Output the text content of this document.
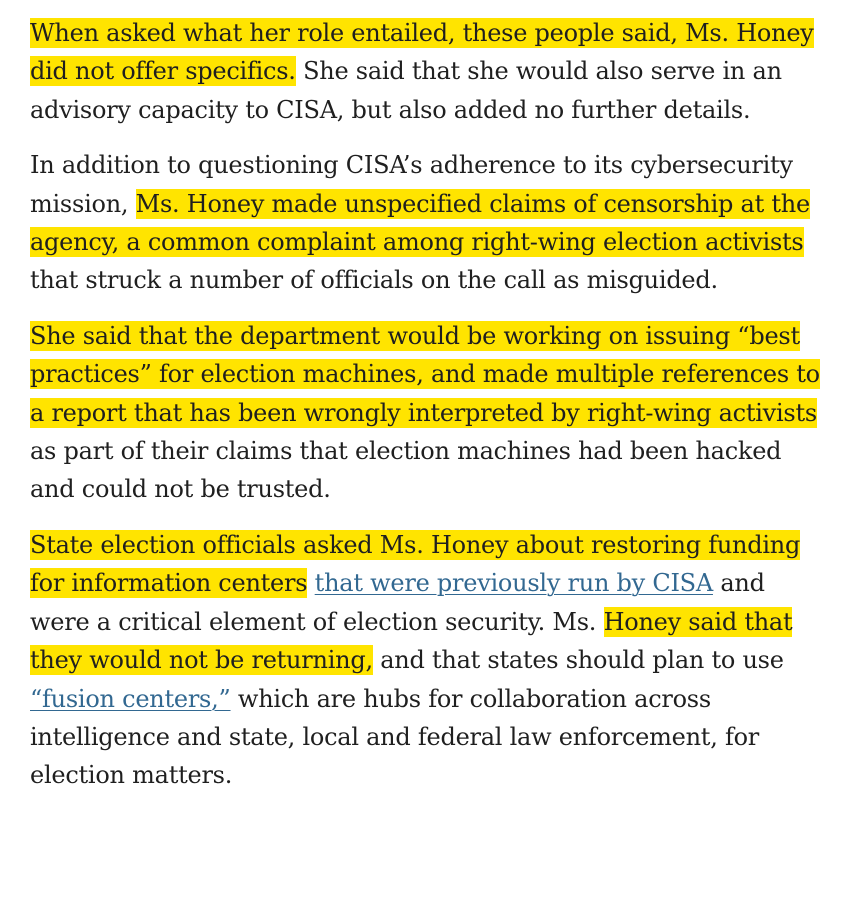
When asked what her role entailed, these people said, Ms. Honey did not offer specifics. She said that she would also serve in an advisory capacity to CISA, but also added no further details.

In addition to questioning CISA’s adherence to its cybersecurity mission, Ms. Honey made unspecified claims of censorship at the agency, a common complaint among right-wing election activists that struck a number of officials on the call as misguided.

She said that the department would be working on issuing “best practices” for election machines, and made multiple references to a report that has been wrongly interpreted by right-wing activists as part of their claims that election machines had been hacked and could not be trusted.

State election officials asked Ms. Honey about restoring funding for information centers that were previously run by CISA and were a critical element of election security. Ms. Honey said that they would not be returning, and that states should plan to use “fusion centers,” which are hubs for collaboration across intelligence and state, local and federal law enforcement, for election matters.
